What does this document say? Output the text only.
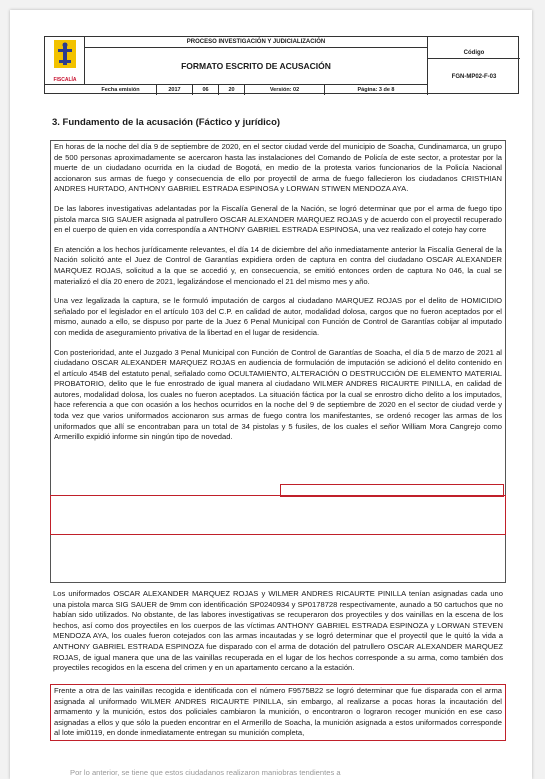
FISCALÍA
PROCESO INVESTIGACIÓN Y JUDICIALIZACIÓN
FORMATO ESCRITO DE ACUSACIÓN
Código
FGN-MP02-F-03
Fecha emisión	2017	06	20	Versión: 02	Página: 3 de 8
3. Fundamento de la acusación (Fáctico y jurídico)

En horas de la noche del día 9 de septiembre de 2020, en el sector ciudad verde del municipio de Soacha, Cundinamarca, un grupo de 500 personas aproximadamente se acercaron hasta las instalaciones del Comando de Policía de este sector, a protestar por la muerte de un ciudadano ocurrida en la ciudad de Bogotá, en medio de la protesta varios funcionarios de la Policía Nacional accionaron sus armas de fuego y consecuencia de ello por proyectil de arma de fuego fallecieron los ciudadanos CRISTHIAN ANDRES HURTADO, ANTHONY GABRIEL ESTRADA ESPINOSA y LORWAN STIWEN MENDOZA AYA.

De las labores investigativas adelantadas por la Fiscalía General de la Nación, se logró determinar que por el arma de fuego tipo pistola marca SIG SAUER asignada al patrullero OSCAR ALEXANDER MARQUEZ ROJAS y de acuerdo con el proyectil recuperado en el cuerpo de quien en vida correspondía a ANTHONY GABRIEL ESTRADA ESPINOSA, una vez realizado el cotejo hay corre

En atención a los hechos jurídicamente relevantes, el día 14 de diciembre del año inmediatamente anterior la Fiscalía General de la Nación solicitó ante el Juez de Control de Garantías expidiera orden de captura en contra del ciudadano OSCAR ALEXANDER MARQUEZ ROJAS, solicitud a la que se accedió y, en consecuencia, se emitió entonces orden de captura No 046, la cual se materializó el día 20 enero de 2021, legalizándose el mencionado el 21 del mismo mes y año.

Una vez legalizada la captura, se le formuló imputación de cargos al ciudadano MARQUEZ ROJAS por el delito de HOMICIDIO señalado por el legislador en el artículo 103 del C.P. en calidad de autor, modalidad dolosa, cargos que no fueron aceptados por el mismo, aunado a ello, se dispuso por parte de la Juez 6 Penal Municipal con Función de Control de Garantías cobijar al imputado con medida de aseguramiento privativa de la libertad en el lugar de residencia.

Con posterioridad, ante el Juzgado 3 Penal Municipal con Función de Control de Garantías de Soacha, el día 5 de marzo de 2021 al ciudadano OSCAR ALEXANDER MARQUEZ ROJAS en audiencia de formulación de imputación se adicionó el delito contenido en el artículo 454B del estatuto penal, señalado como OCULTAMIENTO, ALTERACIÓN O DESTRUCCIÓN DE ELEMENTO MATERIAL PROBATORIO, delito que le fue enrostrado de igual manera al ciudadano WILMER ANDRES RICAURTE PINILLA, en calidad de autores, modalidad dolosa, los cuales no fueron aceptados. La situación fáctica por la cual se enrostro dicho delito a los imputados, hace referencia a que con ocasión a los hechos ocurridos en la noche del 9 de septiembre de 2020 en el sector de ciudad verde y toda vez que varios uniformados accionaron sus armas de fuego contra los manifestantes, se ordenó recoger las armas de los uniformados que allí se encontraban para un total de 34 pistolas y 5 fusiles, de los cuales el señor William Mora Cangrejo como Armerillo expidió informe sin ningún tipo de novedad.

Los uniformados OSCAR ALEXANDER MARQUEZ ROJAS y WILMER ANDRES RICAURTE PINILLA tenían asignadas cada uno una pistola marca SIG SAUER de 9mm con identificación SP0240934 y SP0178728 respectivamente, aunado a 50 cartuchos que no habían sido utilizados. No obstante, de las labores investigativas se recuperaron dos proyectiles y dos vainillas en la escena de los hechos, así como dos proyectiles en los cuerpos de las víctimas ANTHONY GABRIEL ESTRADA ESPINOZA y LORWAN STEVEN MENDOZA AYA, los cuales fueron cotejados con las armas incautadas y se logró determinar que el proyectil que le quitó la vida a ANTHONY GABRIEL ESTRADA ESPINOZA fue disparado con el arma de dotación del patrullero OSCAR ALEXANDER MARQUEZ ROJAS, de igual manera que una de las vainillas recuperada en el lugar de los hechos corresponde a su arma, como también dos proyectiles recogidos en la escena del crimen y en un apartamento cercano a la estación.

Frente a otra de las vainillas recogida e identificada con el número F9575B22 se logró determinar que fue disparada con el arma asignada al uniformado WILMER ANDRES RICAURTE PINILLA, sin embargo, al realizarse a pocas horas la incautación del armamento y la munición, estos dos policiales cambiaron la munición, o encontraron o lograron recoger munición en ese caso asignadas a ellos y que sólo la pueden encontrar en el Armerillo de Soacha, la munición asignada a estos uniformados corresponde al lote imi0119, en donde inmediatamente entregan su munición completa,

Por lo anterior, se tiene que estos ciudadanos realizaron maniobras tendientes a
